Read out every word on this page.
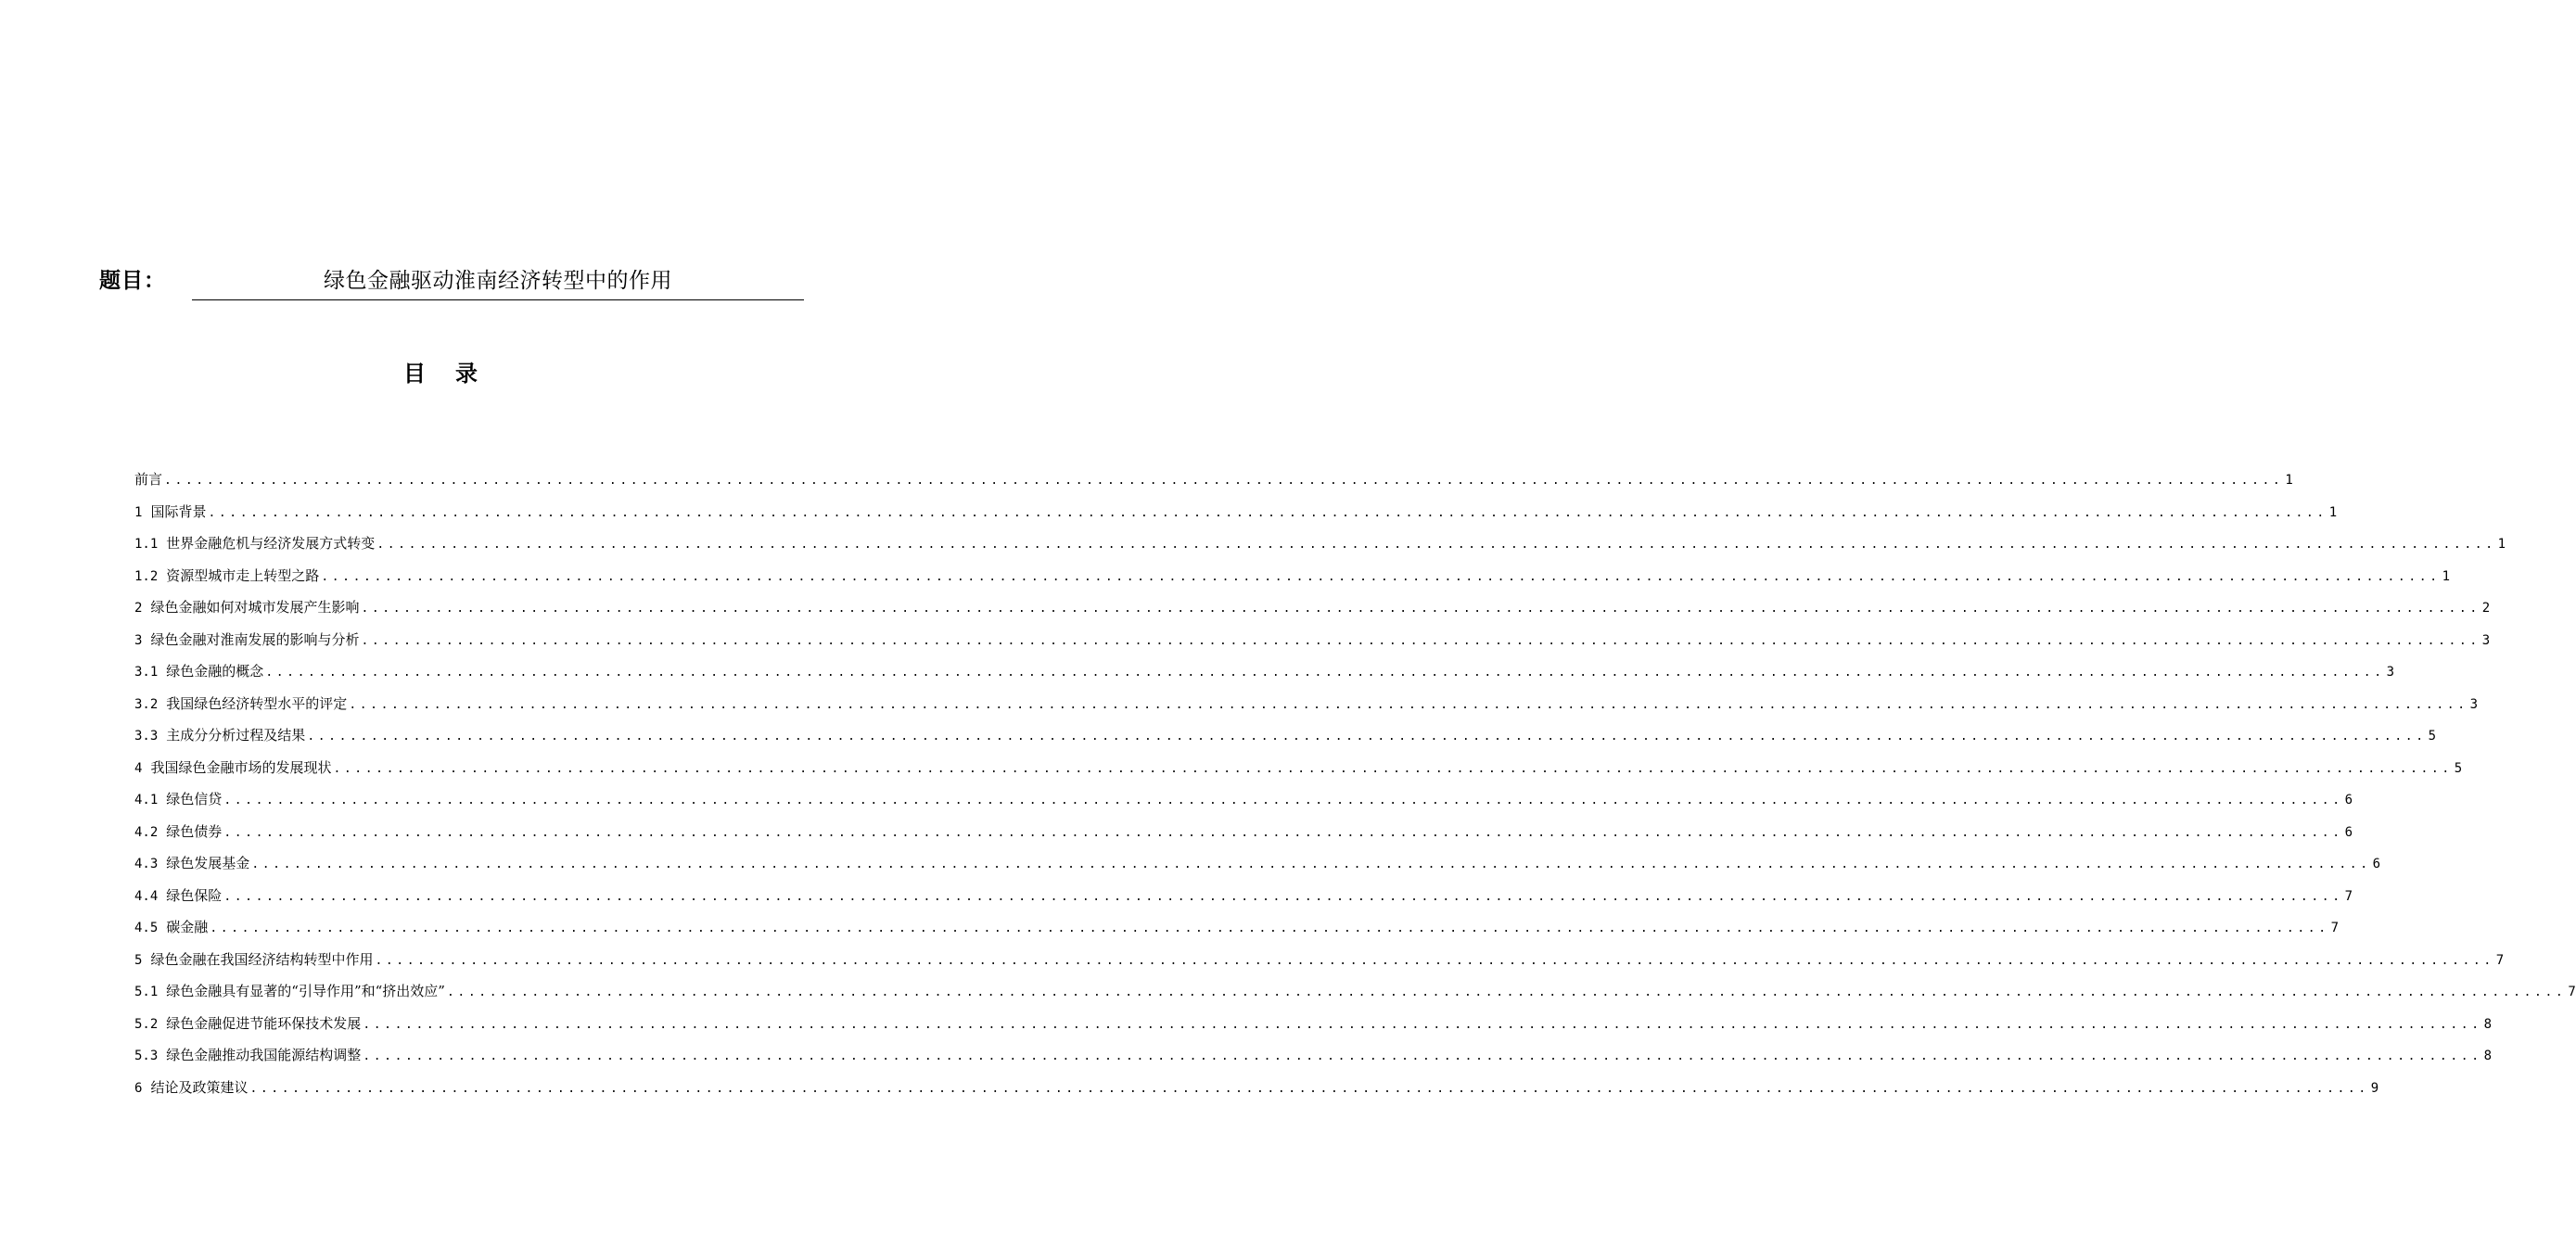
题目：	绿色金融驱动淮南经济转型中的作用
目 录
前言 ........................................................................................................................................................................................................ 1
1 国际背景 ........................................................................................................................................................................................................ 1
1.1 世界金融危机与经济发展方式转变 ........................................................................................................................................................................................................ 1
1.2 资源型城市走上转型之路 ........................................................................................................................................................................................................ 1
2 绿色金融如何对城市发展产生影响 ........................................................................................................................................................................................................ 2
3 绿色金融对淮南发展的影响与分析 ........................................................................................................................................................................................................ 3
3.1 绿色金融的概念 ........................................................................................................................................................................................................ 3
3.2 我国绿色经济转型水平的评定 ........................................................................................................................................................................................................ 3
3.3 主成分分析过程及结果 ........................................................................................................................................................................................................ 5
4 我国绿色金融市场的发展现状 ........................................................................................................................................................................................................ 5
4.1 绿色信贷 ........................................................................................................................................................................................................ 6
4.2 绿色债券 ........................................................................................................................................................................................................ 6
4.3 绿色发展基金 ........................................................................................................................................................................................................ 6
4.4 绿色保险 ........................................................................................................................................................................................................ 7
4.5 碳金融 ........................................................................................................................................................................................................ 7
5 绿色金融在我国经济结构转型中作用 ........................................................................................................................................................................................................ 7
5.1 绿色金融具有显著的“引导作用”和“挤出效应” ........................................................................................................................................................................................................ 7
5.2 绿色金融促进节能环保技术发展 ........................................................................................................................................................................................................ 8
5.3 绿色金融推动我国能源结构调整 ........................................................................................................................................................................................................ 8
6 结论及政策建议 ........................................................................................................................................................................................................ 9
